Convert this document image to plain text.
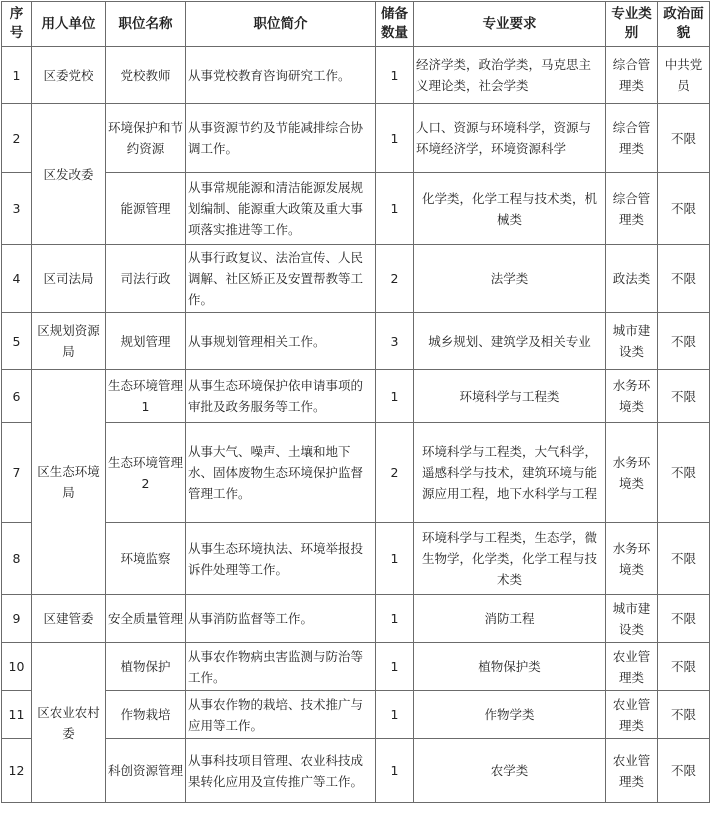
序号	用人单位	职位名称	职位简介	储备数量	专业要求	专业类别	政治面貌
1	区委党校	党校教师	从事党校教育咨询研究工作。	1	经济学类，政治学类，马克思主义理论类，社会学类	综合管理类	中共党员
2	区发改委	环境保护和节约资源	从事资源节约及节能减排综合协调工作。	1	人口、资源与环境科学，资源与环境经济学，环境资源科学	综合管理类	不限
3		能源管理	从事常规能源和清洁能源发展规划编制、能源重大政策及重大事项落实推进等工作。	1	化学类，化学工程与技术类，机械类	综合管理类	不限
4	区司法局	司法行政	从事行政复议、法治宣传、人民调解、社区矫正及安置帮教等工作。	2	法学类	政法类	不限
5	区规划资源局	规划管理	从事规划管理相关工作。	3	城乡规划、建筑学及相关专业	城市建设类	不限
6	区生态环境局	生态环境管理 1	从事生态环境保护依申请事项的审批及政务服务等工作。	1	环境科学与工程类	水务环境类	不限
7		生态环境管理 2	从事大气、噪声、土壤和地下水、固体废物生态环境保护监督管理工作。	2	环境科学与工程类，大气科学，遥感科学与技术，建筑环境与能源应用工程，地下水科学与工程	水务环境类	不限
8		环境监察	从事生态环境执法、环境举报投诉件处理等工作。	1	环境科学与工程类，生态学，微生物学，化学类，化学工程与技术类	水务环境类	不限
9	区建管委	安全质量管理	从事消防监督等工作。	1	消防工程	城市建设类	不限
10	区农业农村委	植物保护	从事农作物病虫害监测与防治等工作。	1	植物保护类	农业管理类	不限
11		作物栽培	从事农作物的栽培、技术推广与应用等工作。	1	作物学类	农业管理类	不限
12		科创资源管理	从事科技项目管理、农业科技成果转化应用及宣传推广等工作。	1	农学类	农业管理类	不限
